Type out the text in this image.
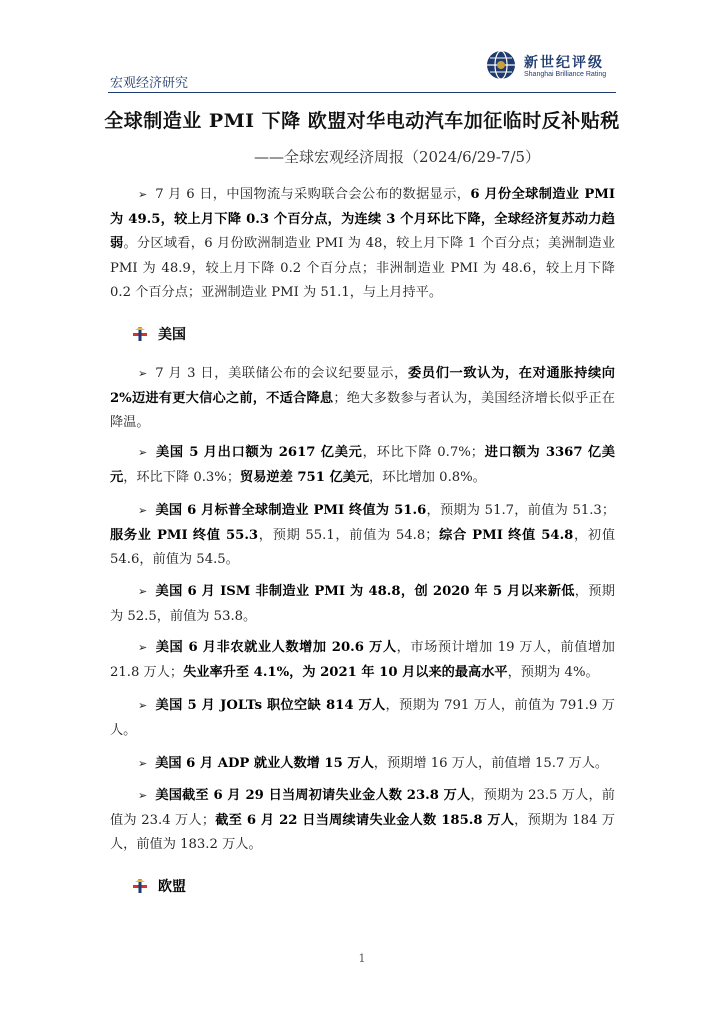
宏观经济研究
新世纪评级
Shanghai Brilliance Rating
全球制造业 PMI 下降 欧盟对华电动汽车加征临时反补贴税
——全球宏观经济周报（2024/6/29-7/5）
➢ 7 月 6 日，中国物流与采购联合会公布的数据显示，6 月份全球制造业 PMI 为 49.5，较上月下降 0.3 个百分点，为连续 3 个月环比下降，全球经济复苏动力趋弱。分区域看，6 月份欧洲制造业 PMI 为 48，较上月下降 1 个百分点；美洲制造业 PMI 为 48.9，较上月下降 0.2 个百分点；非洲制造业 PMI 为 48.6，较上月下降 0.2 个百分点；亚洲制造业 PMI 为 51.1，与上月持平。
美国
➢ 7 月 3 日，美联储公布的会议纪要显示，委员们一致认为，在对通胀持续向 2%迈进有更大信心之前，不适合降息；绝大多数参与者认为，美国经济增长似乎正在降温。
➢ 美国 5 月出口额为 2617 亿美元，环比下降 0.7%；进口额为 3367 亿美元，环比下降 0.3%；贸易逆差 751 亿美元，环比增加 0.8%。
➢ 美国 6 月标普全球制造业 PMI 终值为 51.6，预期为 51.7，前值为 51.3；服务业 PMI 终值 55.3，预期 55.1，前值为 54.8；综合 PMI 终值 54.8，初值 54.6，前值为 54.5。
➢ 美国 6 月 ISM 非制造业 PMI 为 48.8，创 2020 年 5 月以来新低，预期为 52.5，前值为 53.8。
➢ 美国 6 月非农就业人数增加 20.6 万人，市场预计增加 19 万人，前值增加 21.8 万人；失业率升至 4.1%，为 2021 年 10 月以来的最高水平，预期为 4%。
➢ 美国 5 月 JOLTs 职位空缺 814 万人，预期为 791 万人，前值为 791.9 万人。
➢ 美国 6 月 ADP 就业人数增 15 万人，预期增 16 万人，前值增 15.7 万人。
➢ 美国截至 6 月 29 日当周初请失业金人数 23.8 万人，预期为 23.5 万人，前值为 23.4 万人；截至 6 月 22 日当周续请失业金人数 185.8 万人，预期为 184 万人，前值为 183.2 万人。
欧盟
1
